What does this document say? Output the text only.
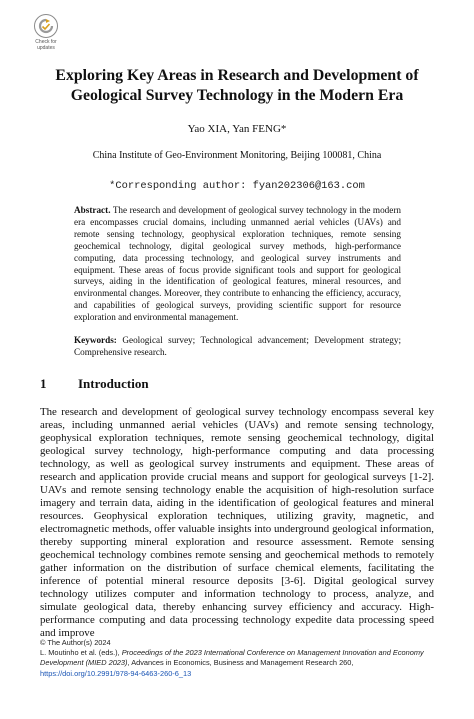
Check for
updates
Exploring Key Areas in Research and Development of Geological Survey Technology in the Modern Era
Yao XIA, Yan FENG*
China Institute of Geo-Environment Monitoring, Beijing 100081, China
*Corresponding author: fyan202306@163.com

Abstract. The research and development of geological survey technology in the modern era encompasses crucial domains, including unmanned aerial vehicles (UAVs) and remote sensing technology, geophysical exploration techniques, remote sensing geochemical technology, digital geological survey methods, high-performance computing, data processing technology, and geological survey instruments and equipment. These areas of focus provide significant tools and support for geological surveys, aiding in the identification of geological features, mineral resources, and environmental changes. Moreover, they contribute to enhancing the efficiency, accuracy, and capabilities of geological surveys, providing scientific support for resource exploration and environmental management.

Keywords: Geological survey; Technological advancement; Development strategy; Comprehensive research.

1 Introduction

The research and development of geological survey technology encompass several key areas, including unmanned aerial vehicles (UAVs) and remote sensing technology, geophysical exploration techniques, remote sensing geochemical technology, digital geological survey technology, high-performance computing and data processing technology, as well as geological survey instruments and equipment. These areas of research and application provide crucial means and support for geological surveys [1-2]. UAVs and remote sensing technology enable the acquisition of high-resolution surface imagery and terrain data, aiding in the identification of geological features and mineral resources. Geophysical exploration techniques, utilizing gravity, magnetic, and electromagnetic methods, offer valuable insights into underground geological information, thereby supporting mineral exploration and resource assessment. Remote sensing geochemical technology combines remote sensing and geochemical methods to remotely gather information on the distribution of surface chemical elements, facilitating the inference of potential mineral resource deposits [3-6]. Digital geological survey technology utilizes computer and information technology to process, analyze, and simulate geological data, thereby enhancing survey efficiency and accuracy. High-performance computing and data processing technology expedite data processing speed and improve

© The Author(s) 2024
L. Moutinho et al. (eds.), Proceedings of the 2023 International Conference on Management Innovation and Economy Development (MIED 2023), Advances in Economics, Business and Management Research 260,
https://doi.org/10.2991/978-94-6463-260-6_13
